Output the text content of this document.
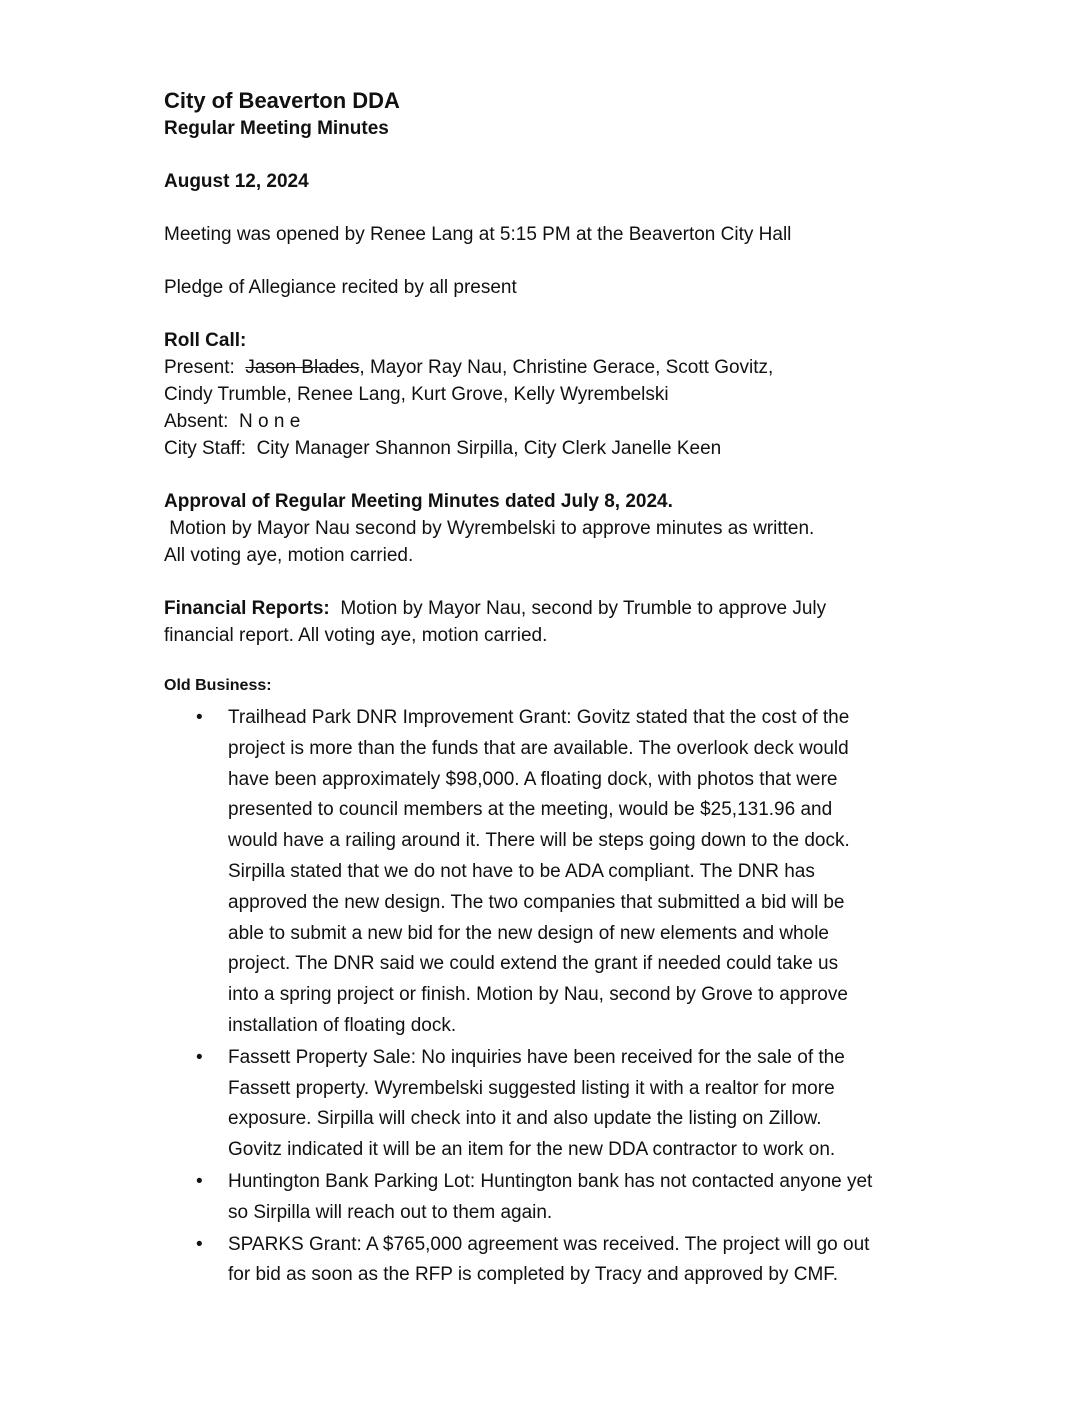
City of Beaverton DDA
Regular Meeting Minutes
August 12, 2024
Meeting was opened by Renee Lang at 5:15 PM at the Beaverton City Hall
Pledge of Allegiance recited by all present
Roll Call:
Present: Jason Blades, Mayor Ray Nau, Christine Gerace, Scott Govitz,
Cindy Trumble, Renee Lang, Kurt Grove, Kelly Wyrembelski
Absent: N o n e
City Staff: City Manager Shannon Sirpilla, City Clerk Janelle Keen
Approval of Regular Meeting Minutes dated July 8, 2024.
Motion by Mayor Nau second by Wyrembelski to approve minutes as written.
All voting aye, motion carried.
Financial Reports: Motion by Mayor Nau, second by Trumble to approve July
financial report. All voting aye, motion carried.
Old Business:
• Trailhead Park DNR Improvement Grant: Govitz stated that the cost of the
project is more than the funds that are available. The overlook deck would
have been approximately $98,000. A floating dock, with photos that were
presented to council members at the meeting, would be $25,131.96 and
would have a railing around it. There will be steps going down to the dock.
Sirpilla stated that we do not have to be ADA compliant. The DNR has
approved the new design. The two companies that submitted a bid will be
able to submit a new bid for the new design of new elements and whole
project. The DNR said we could extend the grant if needed could take us
into a spring project or finish. Motion by Nau, second by Grove to approve
installation of floating dock.
• Fassett Property Sale: No inquiries have been received for the sale of the
Fassett property. Wyrembelski suggested listing it with a realtor for more
exposure. Sirpilla will check into it and also update the listing on Zillow.
Govitz indicated it will be an item for the new DDA contractor to work on.
• Huntington Bank Parking Lot: Huntington bank has not contacted anyone yet
so Sirpilla will reach out to them again.
• SPARKS Grant: A $765,000 agreement was received. The project will go out
for bid as soon as the RFP is completed by Tracy and approved by CMF.
